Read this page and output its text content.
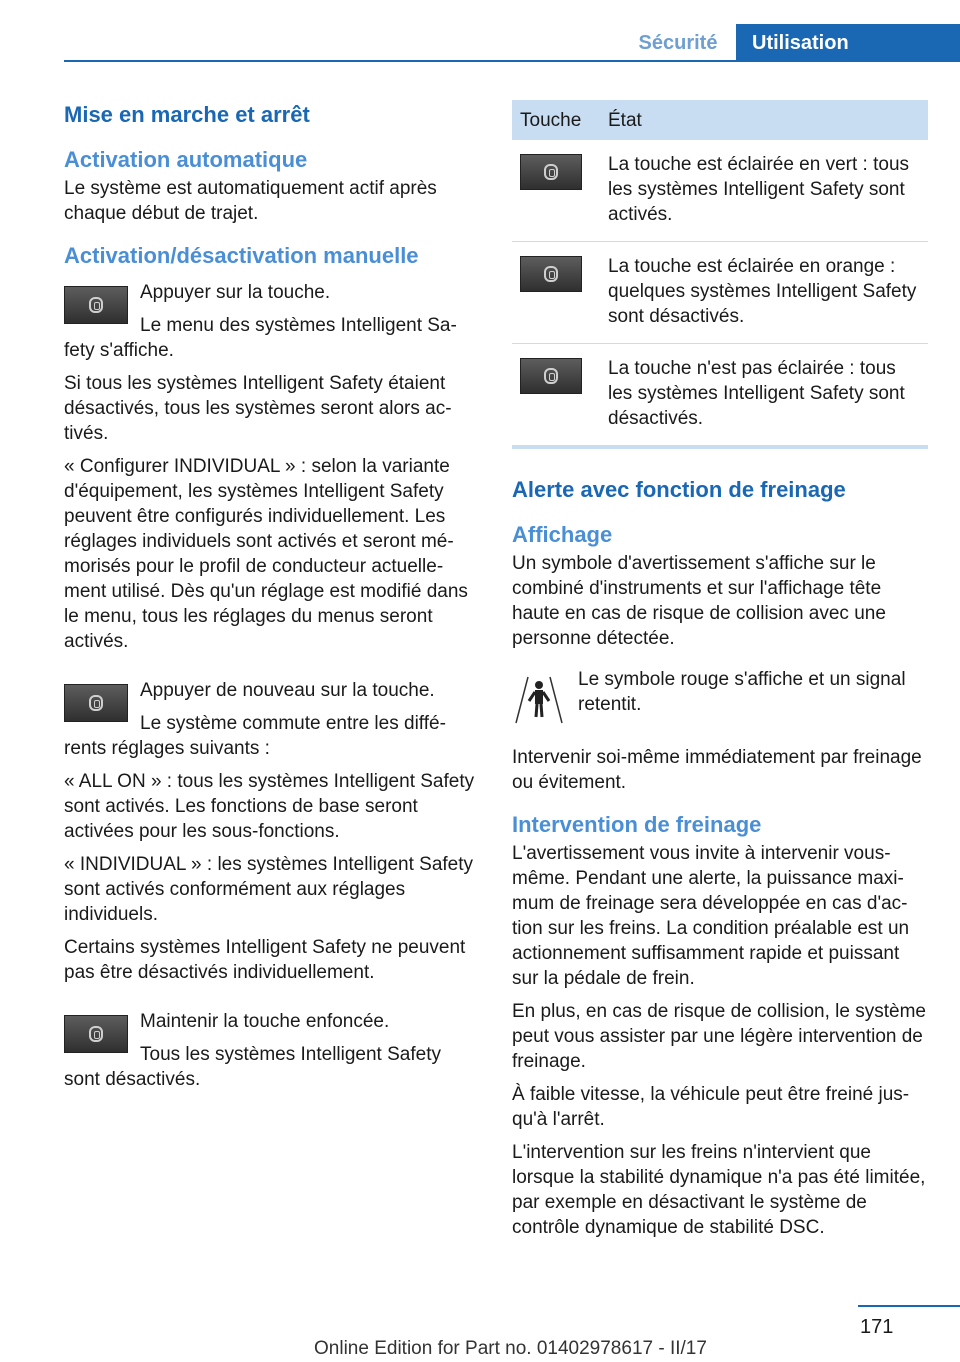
Sécurité	Utilisation
Mise en marche et arrêt
Activation automatique

Le système est automatiquement actif après chaque début de trajet.

Activation/désactivation manuelle

Appuyer sur la touche.

Le menu des systèmes Intelligent Safety s'affiche.

Si tous les systèmes Intelligent Safety étaient désactivés, tous les systèmes seront alors activés.

« Configurer INDIVIDUAL » : selon la variante d'équipement, les systèmes Intelligent Safety peuvent être configurés individuellement. Les réglages individuels sont activés et seront mémorisés pour le profil de conducteur actuellement utilisé. Dès qu'un réglage est modifié dans le menu, tous les réglages du menus seront activés.

Appuyer de nouveau sur la touche.

Le système commute entre les différents réglages suivants :

« ALL ON » : tous les systèmes Intelligent Safety sont activés. Les fonctions de base seront activées pour les sous-fonctions.

« INDIVIDUAL » : les systèmes Intelligent Safety sont activés conformément aux réglages individuels.

Certains systèmes Intelligent Safety ne peuvent pas être désactivés individuellement.

Maintenir la touche enfoncée.

Tous les systèmes Intelligent Safety sont désactivés.

Touche	État

	La touche est éclairée en vert : tous les systèmes Intelligent Safety sont activés.

	La touche est éclairée en orange : quelques systèmes Intelligent Safety sont désactivés.

	La touche n'est pas éclairée : tous les systèmes Intelligent Safety sont désactivés.
Alerte avec fonction de freinage
Affichage

Un symbole d'avertissement s'affiche sur le combiné d'instruments et sur l'affichage tête haute en cas de risque de collision avec une personne détectée.

Le symbole rouge s'affiche et un signal retentit.

Intervenir soi-même immédiatement par freinage ou évitement.

Intervention de freinage

L'avertissement vous invite à intervenir vous-même. Pendant une alerte, la puissance maximum de freinage sera développée en cas d'action sur les freins. La condition préalable est un actionnement suffisamment rapide et puissant sur la pédale de frein.

En plus, en cas de risque de collision, le système peut vous assister par une légère intervention de freinage.

À faible vitesse, la véhicule peut être freiné jusqu'à l'arrêt.

L'intervention sur les freins n'intervient que lorsque la stabilité dynamique n'a pas été limitée, par exemple en désactivant le système de contrôle dynamique de stabilité DSC.

171
Online Edition for Part no. 01402978617 - II/17
